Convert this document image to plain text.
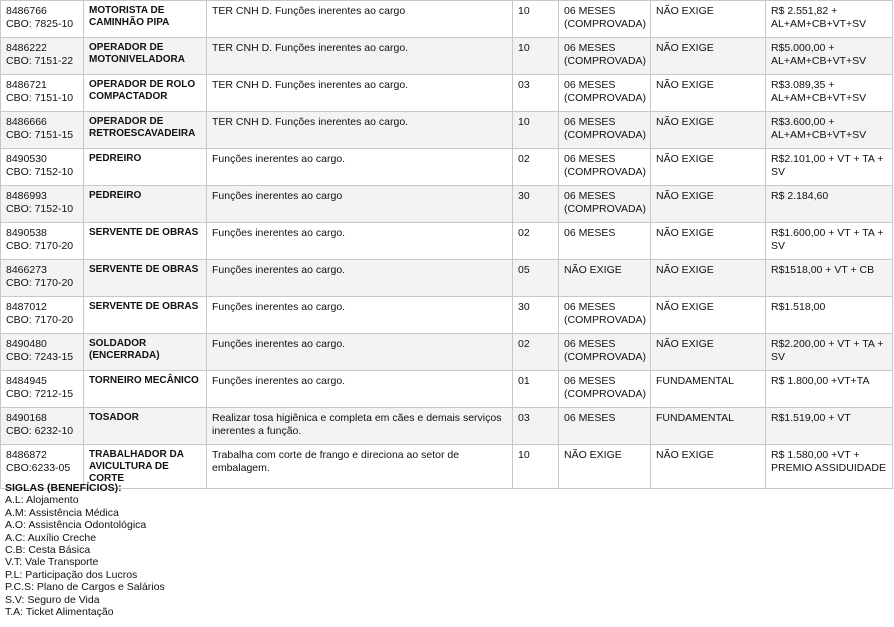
8486766
CBO: 7825-10	MOTORISTA DE CAMINHÃO PIPA	TER CNH D. Funções inerentes ao cargo	10	06 MESES (COMPROVADA)	NÃO EXIGE	R$ 2.551,82 + AL+AM+CB+VT+SV

8486222
CBO: 7151-22	OPERADOR DE MOTONIVELADORA	TER CNH D. Funções inerentes ao cargo.	10	06 MESES (COMPROVADA)	NÃO EXIGE	R$5.000,00 + AL+AM+CB+VT+SV

8486721
CBO: 7151-10	OPERADOR DE ROLO COMPACTADOR	TER CNH D. Funções inerentes ao cargo.	03	06 MESES (COMPROVADA)	NÃO EXIGE	R$3.089,35 + AL+AM+CB+VT+SV

8486666
CBO: 7151-15	OPERADOR DE RETROESCAVADEIRA	TER CNH D. Funções inerentes ao cargo.	10	06 MESES (COMPROVADA)	NÃO EXIGE	R$3.600,00 + AL+AM+CB+VT+SV

8490530
CBO: 7152-10	PEDREIRO	Funções inerentes ao cargo.	02	06 MESES (COMPROVADA)	NÃO EXIGE	R$2.101,00 + VT + TA + SV

8486993
CBO: 7152-10	PEDREIRO	Funções inerentes ao cargo	30	06 MESES (COMPROVADA)	NÃO EXIGE	R$ 2.184,60

8490538
CBO: 7170-20	SERVENTE DE OBRAS	Funções inerentes ao cargo.	02	06 MESES	NÃO EXIGE	R$1.600,00 + VT + TA + SV

8466273
CBO: 7170-20	SERVENTE DE OBRAS	Funções inerentes ao cargo.	05	NÃO EXIGE	NÃO EXIGE	R$1518,00 + VT + CB

8487012
CBO: 7170-20	SERVENTE DE OBRAS	Funções inerentes ao cargo.	30	06 MESES (COMPROVADA)	NÃO EXIGE	R$1.518,00

8490480
CBO: 7243-15	SOLDADOR (ENCERRADA)	Funções inerentes ao cargo.	02	06 MESES (COMPROVADA)	NÃO EXIGE	R$2.200,00 + VT + TA + SV

8484945
CBO: 7212-15	TORNEIRO MECÂNICO	Funções inerentes ao cargo.	01	06 MESES (COMPROVADA)	FUNDAMENTAL	R$ 1.800,00 +VT+TA

8490168
CBO: 6232-10	TOSADOR	Realizar tosa higiênica e completa em cães e demais serviços inerentes a função.	03	06 MESES	FUNDAMENTAL	R$1.519,00 + VT

8486872
CBO:6233-05	TRABALHADOR DA AVICULTURA DE CORTE	Trabalha com corte de frango e direciona ao setor de embalagem.	10	NÃO EXIGE	NÃO EXIGE	R$ 1.580,00 +VT + PREMIO ASSIDUIDADE
SIGLAS (BENEFÍCIOS):
A.L: Alojamento
A.M: Assistência Médica
A.O: Assistência Odontológica
A.C: Auxílio Creche
C.B: Cesta Básica
V.T: Vale Transporte
P.L: Participação dos Lucros
P.C.S: Plano de Cargos e Salários
S.V: Seguro de Vida
T.A: Ticket Alimentação
